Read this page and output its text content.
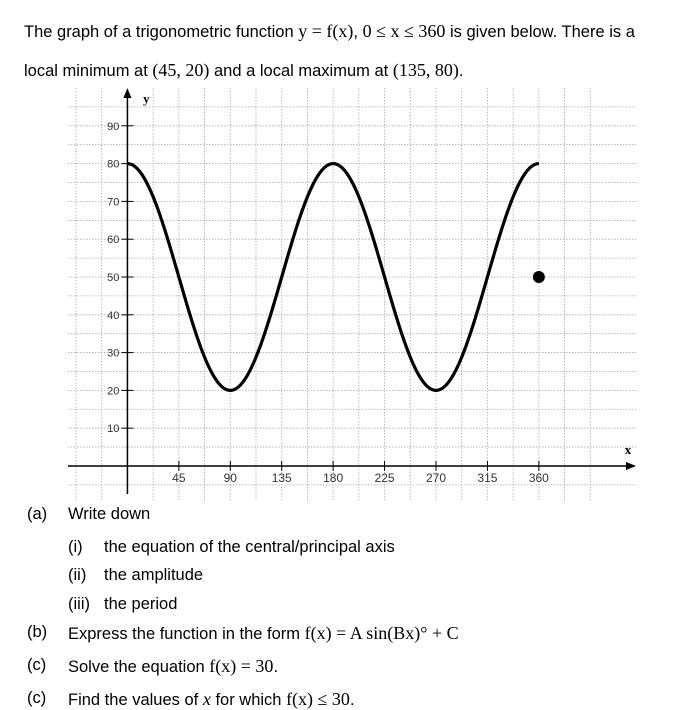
The graph of a trigonometric function y = f(x), 0 ≤ x ≤ 360 is given below. There is a
local minimum at (45, 20) and a local maximum at (135, 80).
x
y
45	90	135	180	225	270	315	360
10
20
30
40
50
60
70
80
90
(a) Write down
(i) the equation of the central/principal axis
(ii) the amplitude
(iii) the period
(b) Express the function in the form f(x) = A sin(Bx)° + C
(c) Solve the equation f(x) = 30.
(c) Find the values of x for which f(x) ≤ 30.
